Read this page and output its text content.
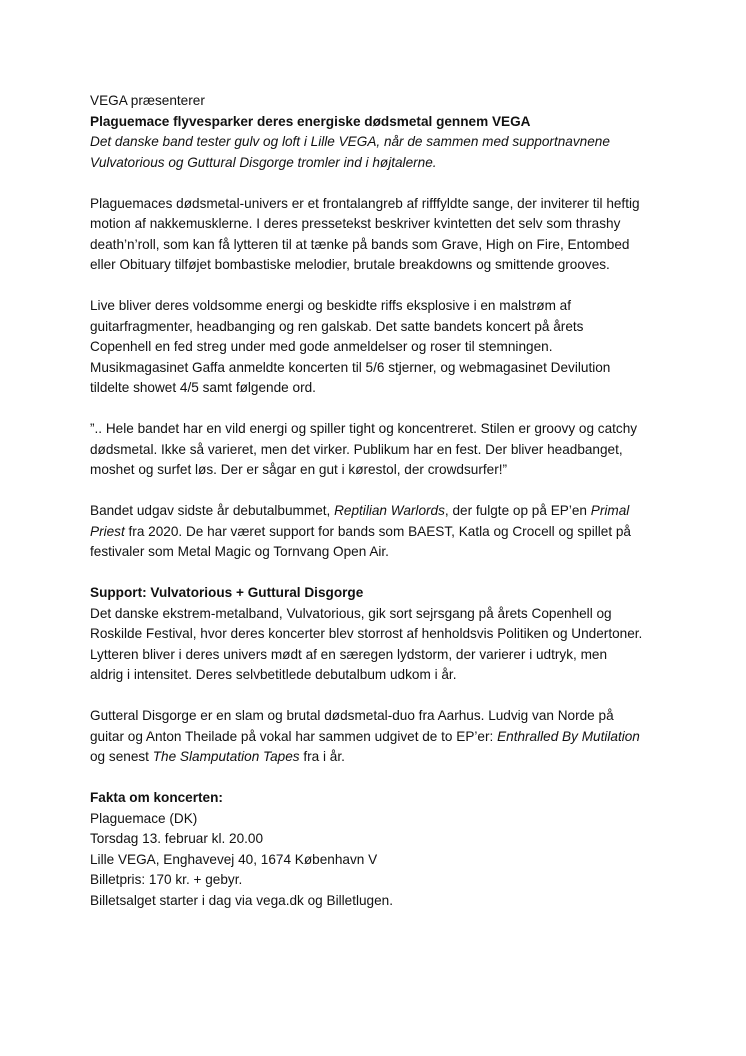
VEGA præsenterer
Plaguemace flyvesparker deres energiske dødsmetal gennem VEGA
Det danske band tester gulv og loft i Lille VEGA, når de sammen med supportnavnene
Vulvatorious og Guttural Disgorge tromler ind i højtalerne.

Plaguemaces dødsmetal-univers er et frontalangreb af rifffyldte sange, der inviterer til heftig
motion af nakkemusklerne. I deres pressetekst beskriver kvintetten det selv som thrashy
death’n’roll, som kan få lytteren til at tænke på bands som Grave, High on Fire, Entombed
eller Obituary tilføjet bombastiske melodier, brutale breakdowns og smittende grooves.

Live bliver deres voldsomme energi og beskidte riffs eksplosive i en malstrøm af
guitarfragmenter, headbanging og ren galskab. Det satte bandets koncert på årets
Copenhell en fed streg under med gode anmeldelser og roser til stemningen.
Musikmagasinet Gaffa anmeldte koncerten til 5/6 stjerner, og webmagasinet Devilution
tildelte showet 4/5 samt følgende ord.

”.. Hele bandet har en vild energi og spiller tight og koncentreret. Stilen er groovy og catchy
dødsmetal. Ikke så varieret, men det virker. Publikum har en fest. Der bliver headbanget,
moshet og surfet løs. Der er sågar en gut i kørestol, der crowdsurfer!”

Bandet udgav sidste år debutalbummet, Reptilian Warlords, der fulgte op på EP’en Primal
Priest fra 2020. De har været support for bands som BAEST, Katla og Crocell og spillet på
festivaler som Metal Magic og Tornvang Open Air.

Support: Vulvatorious + Guttural Disgorge
Det danske ekstrem-metalband, Vulvatorious, gik sort sejrsgang på årets Copenhell og
Roskilde Festival, hvor deres koncerter blev storrost af henholdsvis Politiken og Undertoner.
Lytteren bliver i deres univers mødt af en særegen lydstorm, der varierer i udtryk, men
aldrig i intensitet. Deres selvbetitlede debutalbum udkom i år.

Gutteral Disgorge er en slam og brutal dødsmetal-duo fra Aarhus. Ludvig van Norde på
guitar og Anton Theilade på vokal har sammen udgivet de to EP’er: Enthralled By Mutilation
og senest The Slamputation Tapes fra i år.

Fakta om koncerten:
Plaguemace (DK)
Torsdag 13. februar kl. 20.00
Lille VEGA, Enghavevej 40, 1674 København V
Billetpris: 170 kr. + gebyr.
Billetsalget starter i dag via vega.dk og Billetlugen.
